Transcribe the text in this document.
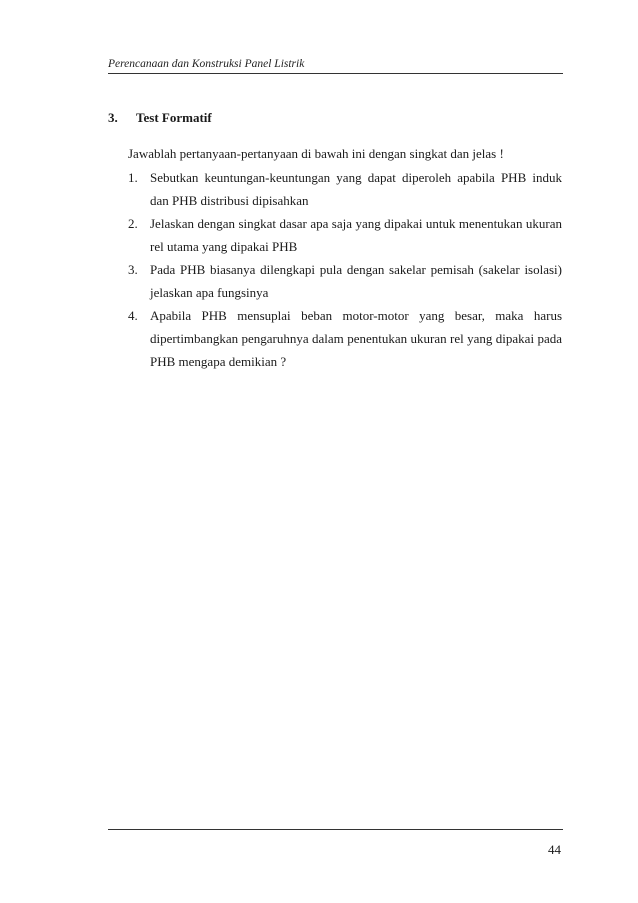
Perencanaan dan Konstruksi Panel Listrik
3. Test Formatif
Jawablah pertanyaan-pertanyaan di bawah ini dengan singkat dan jelas !
1. Sebutkan keuntungan-keuntungan yang dapat diperoleh apabila PHB induk dan PHB distribusi dipisahkan
2. Jelaskan dengan singkat dasar apa saja yang dipakai untuk menentukan ukuran rel utama yang dipakai PHB
3. Pada PHB biasanya dilengkapi pula dengan sakelar pemisah (sakelar isolasi) jelaskan apa fungsinya
4. Apabila PHB mensuplai beban motor-motor yang besar, maka harus dipertimbangkan pengaruhnya dalam penentukan ukuran rel yang dipakai pada PHB mengapa demikian ?
44
